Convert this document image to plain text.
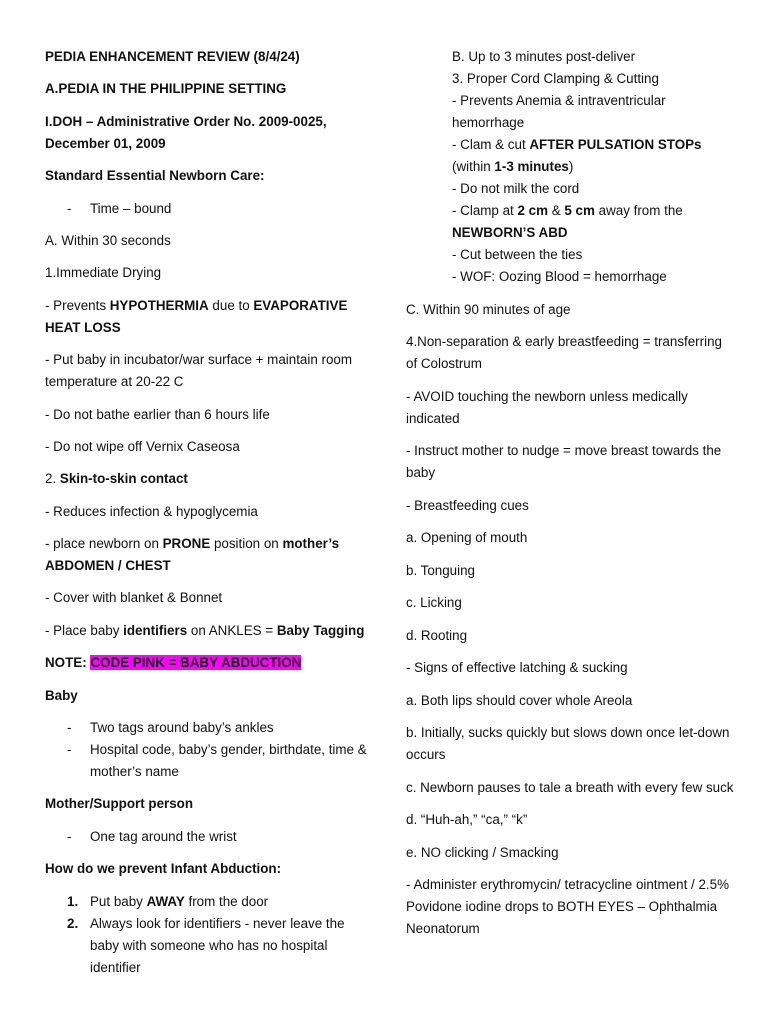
PEDIA ENHANCEMENT REVIEW (8/4/24)
A.PEDIA IN THE PHILIPPINE SETTING
I.DOH – Administrative Order No. 2009-0025, December 01, 2009
Standard Essential Newborn Care:
-	Time – bound
A. Within 30 seconds
1.Immediate Drying
- Prevents HYPOTHERMIA due to EVAPORATIVE HEAT LOSS
- Put baby in incubator/war surface + maintain room temperature at 20-22 C
- Do not bathe earlier than 6 hours life
- Do not wipe off Vernix Caseosa
2. Skin-to-skin contact
- Reduces infection & hypoglycemia
- place newborn on PRONE position on mother’s ABDOMEN / CHEST
- Cover with blanket & Bonnet
- Place baby identifiers on ANKLES = Baby Tagging
NOTE: CODE PINK = BABY ABDUCTION
Baby
-	Two tags around baby’s ankles
-	Hospital code, baby’s gender, birthdate, time & mother’s name
Mother/Support person
-	One tag around the wrist
How do we prevent Infant Abduction:
1. Put baby AWAY from the door
2. Always look for identifiers - never leave the baby with someone who has no hospital identifier
B. Up to 3 minutes post-deliver
3. Proper Cord Clamping & Cutting
- Prevents Anemia & intraventricular hemorrhage
- Clam & cut AFTER PULSATION STOPs (within 1-3 minutes)
- Do not milk the cord
- Clamp at 2 cm & 5 cm away from the NEWBORN’S ABD
- Cut between the ties
- WOF: Oozing Blood = hemorrhage
C. Within 90 minutes of age
4.Non-separation & early breastfeeding = transferring of Colostrum
- AVOID touching the newborn unless medically indicated
- Instruct mother to nudge = move breast towards the baby
- Breastfeeding cues
a. Opening of mouth
b. Tonguing
c. Licking
d. Rooting
- Signs of effective latching & sucking
a. Both lips should cover whole Areola
b. Initially, sucks quickly but slows down once let-down occurs
c. Newborn pauses to tale a breath with every few suck
d. “Huh-ah,” “ca,” “k”
e. NO clicking / Smacking
- Administer erythromycin/ tetracycline ointment / 2.5% Povidone iodine drops to BOTH EYES – Ophthalmia Neonatorum
